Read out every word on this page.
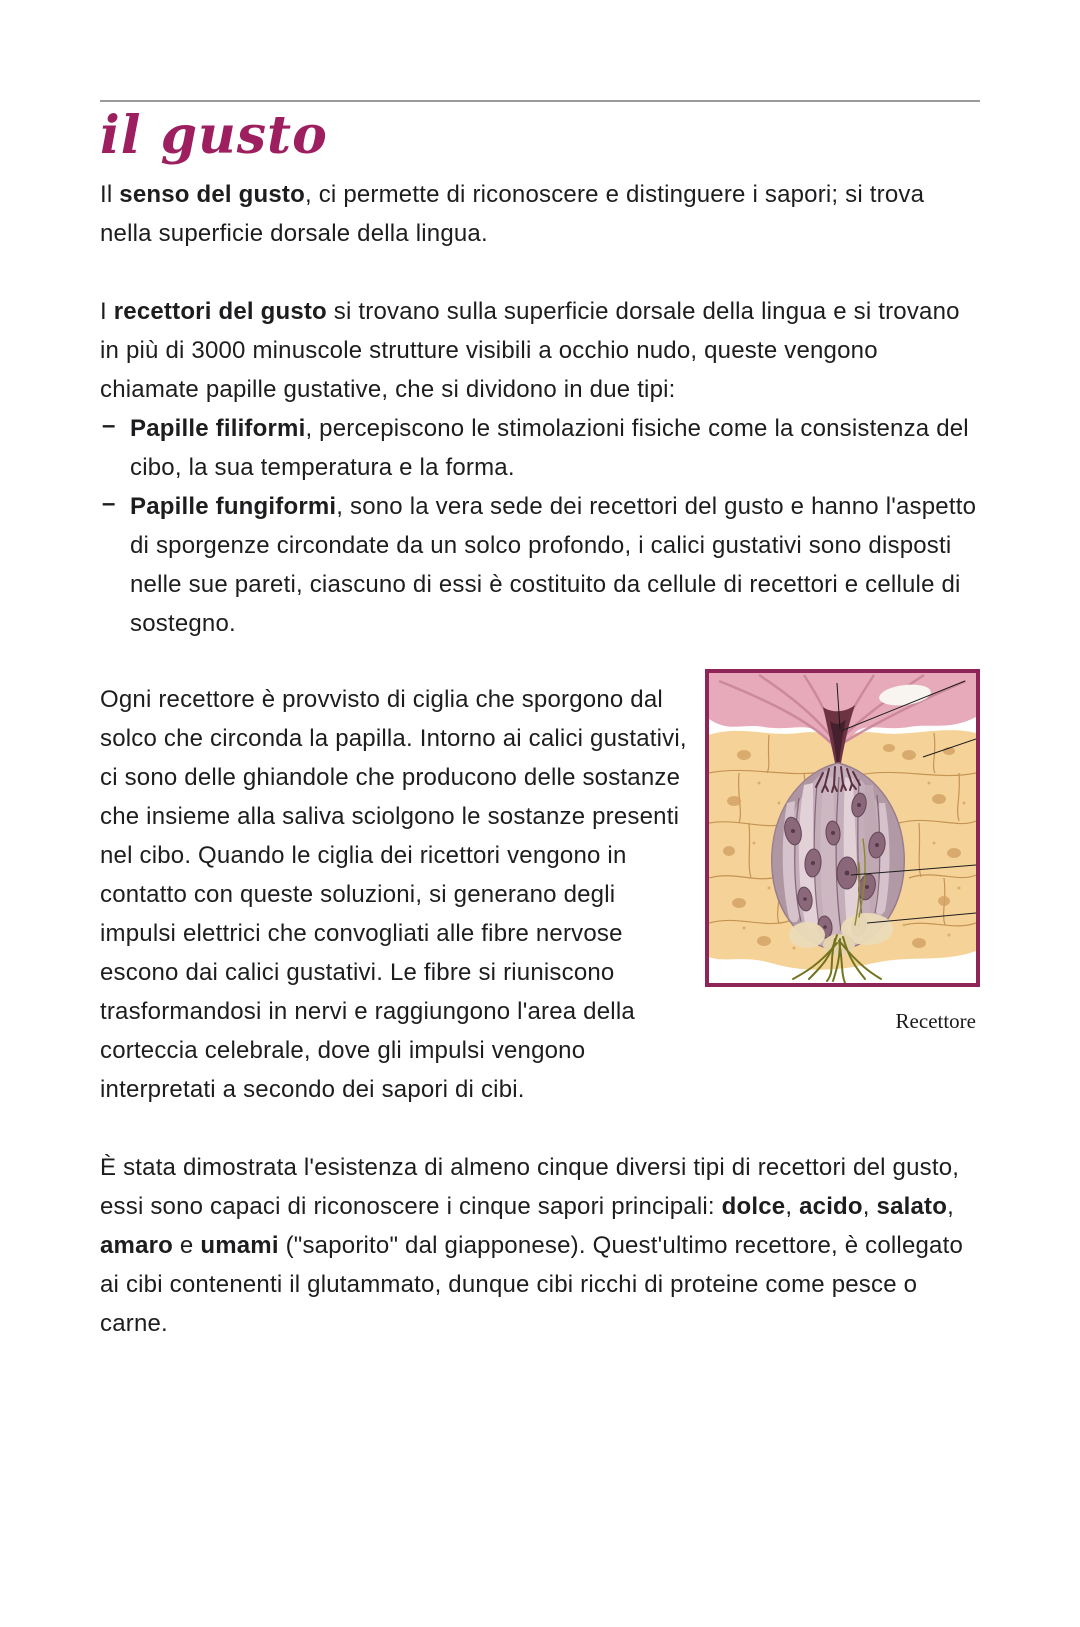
il gusto

Il senso del gusto, ci permette di riconoscere e distinguere i sapori; si trova nella superficie dorsale della lingua.

I recettori del gusto si trovano sulla superficie dorsale della lingua e si trovano in più di 3000 minuscole strutture visibili a occhio nudo, queste vengono chiamate papille gustative, che si dividono in due tipi:

– Papille filiformi, percepiscono le stimolazioni fisiche come la consistenza del cibo, la sua temperatura e la forma.
– Papille fungiformi, sono la vera sede dei recettori del gusto e hanno l'aspetto di sporgenze circondate da un solco profondo, i calici gustativi sono disposti nelle sue pareti, ciascuno di essi è costituito da cellule di recettori e cellule di sostegno.

Ogni recettore è provvisto di ciglia che sporgono dal solco che circonda la papilla. Intorno ai calici gustativi, ci sono delle ghiandole che producono delle sostanze che insieme alla saliva sciolgono le sostanze presenti nel cibo. Quando le ciglia dei ricettori vengono in contatto con queste soluzioni, si generano degli impulsi elettrici che convogliati alle fibre nervose escono dai calici gustativi. Le fibre si riuniscono trasformandosi in nervi e raggiungono l'area della corteccia celebrale, dove gli impulsi vengono interpretati a secondo dei sapori di cibi.

Recettore

È stata dimostrata l'esistenza di almeno cinque diversi tipi di recettori del gusto, essi sono capaci di riconoscere i cinque sapori principali: dolce, acido, salato, amaro e umami ("saporito" dal giapponese). Quest'ultimo recettore, è collegato ai cibi contenenti il glutammato, dunque cibi ricchi di proteine come pesce o carne.
